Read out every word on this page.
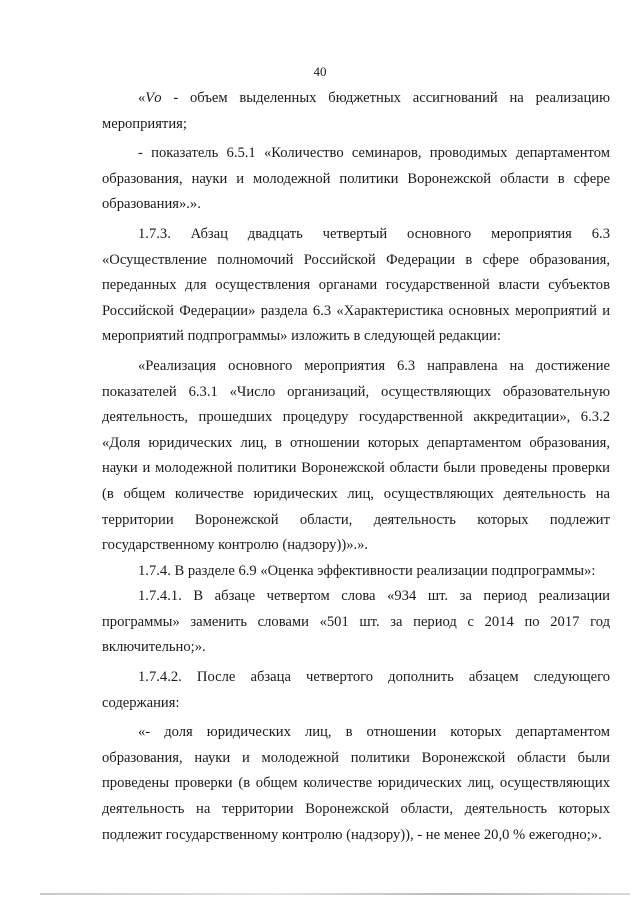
40

«Vо - объем выделенных бюджетных ассигнований на реализацию мероприятия;

- показатель 6.5.1 «Количество семинаров, проводимых департаментом образования, науки и молодежной политики Воронежской области в сфере образования».».

1.7.3. Абзац двадцать четвертый основного мероприятия 6.3 «Осуществление полномочий Российской Федерации в сфере образования, переданных для осуществления органами государственной власти субъектов Российской Федерации» раздела 6.3 «Характеристика основных мероприятий и мероприятий подпрограммы» изложить в следующей редакции:

«Реализация основного мероприятия 6.3 направлена на достижение показателей 6.3.1 «Число организаций, осуществляющих образовательную деятельность, прошедших процедуру государственной аккредитации», 6.3.2 «Доля юридических лиц, в отношении которых департаментом образования, науки и молодежной политики Воронежской области были проведены проверки (в общем количестве юридических лиц, осуществляющих деятельность на территории Воронежской области, деятельность которых подлежит государственному контролю (надзору))».».

1.7.4. В разделе 6.9 «Оценка эффективности реализации подпрограммы»:

1.7.4.1. В абзаце четвертом слова «934 шт. за период реализации программы» заменить словами «501 шт. за период с 2014 по 2017 год включительно;».

1.7.4.2. После абзаца четвертого дополнить абзацем следующего содержания:

«- доля юридических лиц, в отношении которых департаментом образования, науки и молодежной политики Воронежской области были проведены проверки (в общем количестве юридических лиц, осуществляющих деятельность на территории Воронежской области, деятельность которых подлежит государственному контролю (надзору)), - не менее 20,0 % ежегодно;».
